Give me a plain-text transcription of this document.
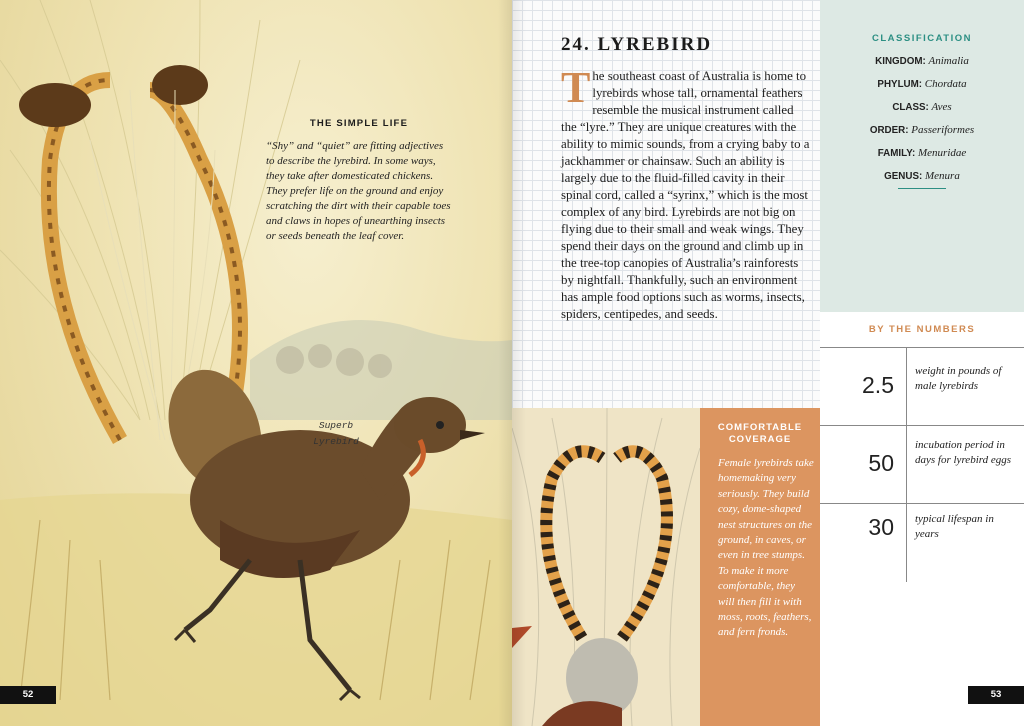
THE SIMPLE LIFE
“Shy” and “quiet” are fitting adjectives to describe the lyrebird. In some ways, they take after domesticated chickens. They prefer life on the ground and enjoy scratching the dirt with their capable toes and claws in hopes of unearthing insects or seeds beneath the leaf cover.
Superb
Lyrebird
52
24. LYREBIRD
The southeast coast of Australia is home to lyrebirds whose tall, ornamental feathers resemble the musical instrument called the “lyre.” They are unique creatures with the ability to mimic sounds, from a crying baby to a jackhammer or chainsaw. Such an ability is largely due to the fluid-filled cavity in their spinal cord, called a “syrinx,” which is the most complex of any bird. Lyrebirds are not big on flying due to their small and weak wings. They spend their days on the ground and climb up in the tree-top canopies of Australia’s rainforests by nightfall. Thankfully, such an environment has ample food options such as worms, insects, spiders, centipedes, and seeds.
CLASSIFICATION
KINGDOM: Animalia
PHYLUM: Chordata
CLASS: Aves
ORDER: Passeriformes
FAMILY: Menuridae
GENUS: Menura
BY THE NUMBERS
2.5
weight in pounds of male lyrebirds
50
incubation period in days for lyrebird eggs
30	typical lifespan in years
53
COMFORTABLE
COVERAGE
Female lyrebirds take homemaking very seriously. They build cozy, dome-shaped nest structures on the ground, in caves, or even in tree stumps. To make it more comfortable, they will then fill it with moss, roots, feathers, and fern fronds.
